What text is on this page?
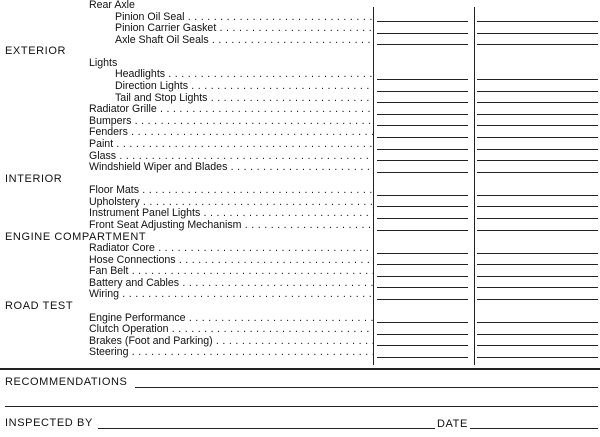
Rear Axle
Pinion Oil Seal . . .
Pinion Carrier Gasket . . .
Axle Shaft Oil Seals . . .
EXTERIOR
Lights
Headlights . . .
Direction Lights . . .
Tail and Stop Lights . . .
Radiator Grille . . .
Bumpers . . .
Fenders . . .
Paint . . .
Glass . . .
Windshield Wiper and Blades . . .
INTERIOR
Floor Mats . . .
Upholstery . . .
Instrument Panel Lights . . .
Front Seat Adjusting Mechanism . . .
ENGINE COMPARTMENT
Radiator Core . . .
Hose Connections . . .
Fan Belt . . .
Battery and Cables . . .
Wiring . . .
ROAD TEST
Engine Performance . . .
Clutch Operation . . .
Brakes (Foot and Parking) . . .
Steering . . .
RECOMMENDATIONS
INSPECTED BY	DATE
